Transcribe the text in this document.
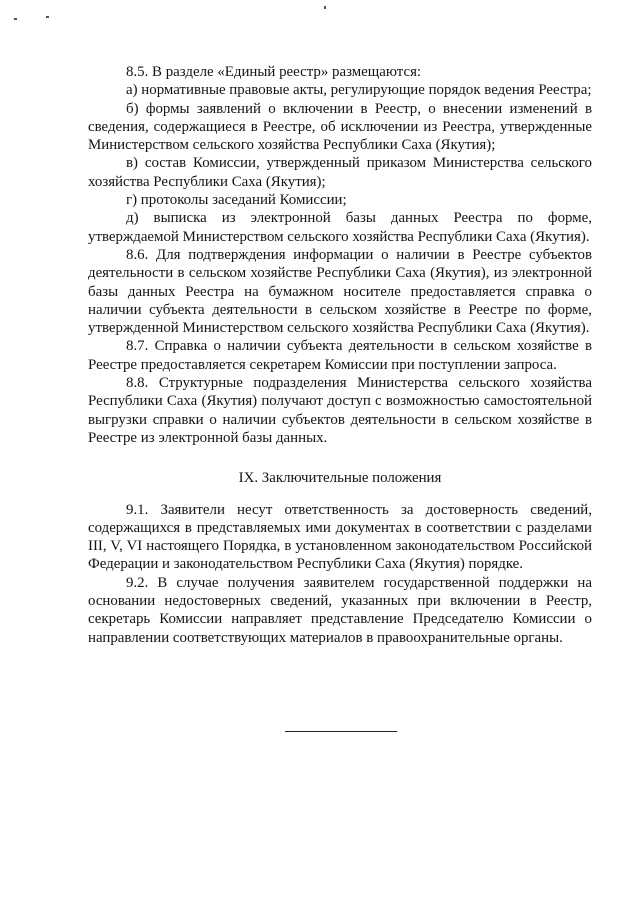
8.5. В разделе «Единый реестр» размещаются:

а) нормативные правовые акты, регулирующие порядок ведения Реестра;

б) формы заявлений о включении в Реестр, о внесении изменений в сведения, содержащиеся в Реестре, об исключении из Реестра, утвержденные Министерством сельского хозяйства Республики Саха (Якутия);

в) состав Комиссии, утвержденный приказом Министерства сельского хозяйства Республики Саха (Якутия);

г) протоколы заседаний Комиссии;

д) выписка из электронной базы данных Реестра по форме, утверждаемой Министерством сельского хозяйства Республики Саха (Якутия).

8.6. Для подтверждения информации о наличии в Реестре субъектов деятельности в сельском хозяйстве Республики Саха (Якутия), из электронной базы данных Реестра на бумажном носителе предоставляется справка о наличии субъекта деятельности в сельском хозяйстве в Реестре по форме, утвержденной Министерством сельского хозяйства Республики Саха (Якутия).

8.7. Справка о наличии субъекта деятельности в сельском хозяйстве в Реестре предоставляется секретарем Комиссии при поступлении запроса.

8.8. Структурные подразделения Министерства сельского хозяйства Республики Саха (Якутия) получают доступ с возможностью самостоятельной выгрузки справки о наличии субъектов деятельности в сельском хозяйстве в Реестре из электронной базы данных.

IX. Заключительные положения

9.1. Заявители несут ответственность за достоверность сведений, содержащихся в представляемых ими документах в соответствии с разделами III, V, VI настоящего Порядка, в установленном законодательством Российской Федерации и законодательством Республики Саха (Якутия) порядке.

9.2. В случае получения заявителем государственной поддержки на основании недостоверных сведений, указанных при включении в Реестр, секретарь Комиссии направляет представление Председателю Комиссии о направлении соответствующих материалов в правоохранительные органы.
